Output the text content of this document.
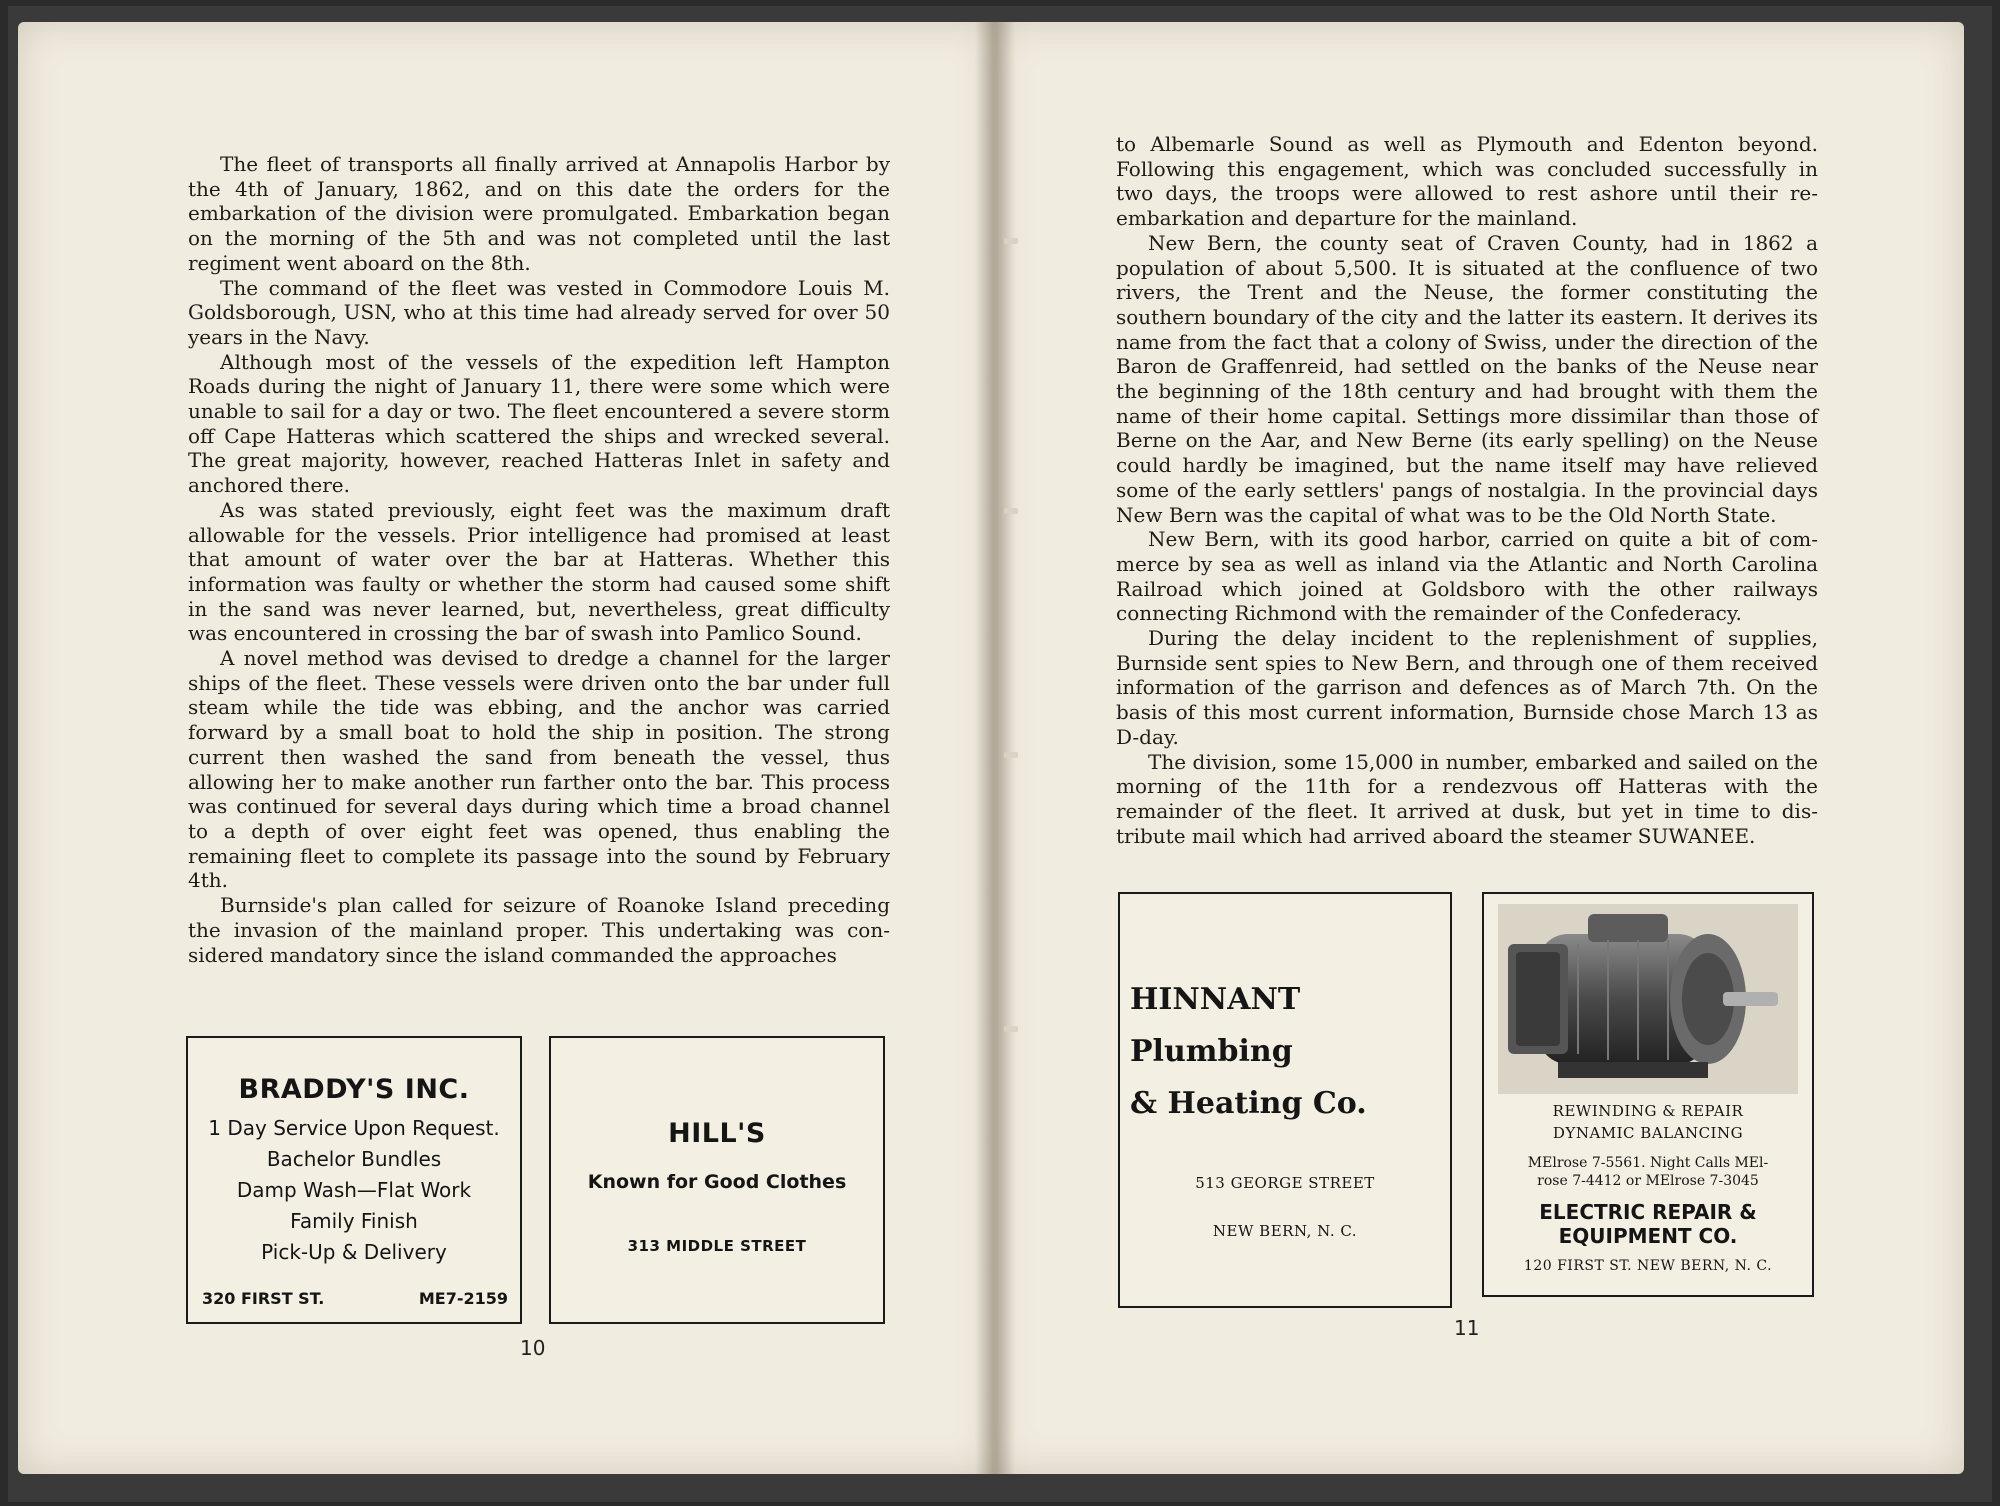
The fleet of transports all finally arrived at Annapolis Harbor by the 4th of January, 1862, and on this date the orders for the embarkation of the division were promulgated. Embarkation began on the morning of the 5th and was not completed until the last regiment went aboard on the 8th.

The command of the fleet was vested in Commodore Louis M. Goldsborough, USN, who at this time had already served for over 50 years in the Navy.

Although most of the vessels of the expedition left Hampton Roads during the night of January 11, there were some which were unable to sail for a day or two. The fleet encountered a severe storm off Cape Hatteras which scattered the ships and wrecked several. The great majority, however, reached Hatteras Inlet in safety and anchored there.

As was stated previously, eight feet was the maximum draft allowable for the vessels. Prior intelligence had promised at least that amount of water over the bar at Hatteras. Whether this information was faulty or whether the storm had caused some shift in the sand was never learned, but, nevertheless, great difficulty was encountered in crossing the bar of swash into Pamlico Sound.

A novel method was devised to dredge a channel for the larger ships of the fleet. These vessels were driven onto the bar under full steam while the tide was ebbing, and the anchor was carried forward by a small boat to hold the ship in position. The strong current then washed the sand from beneath the vessel, thus allowing her to make another run farther onto the bar. This process was continued for several days during which time a broad channel to a depth of over eight feet was opened, thus enabling the remaining fleet to complete its passage into the sound by February 4th.

Burnside's plan called for seizure of Roanoke Island preceding the invasion of the mainland proper. This undertaking was considered mandatory since the island commanded the approaches

BRADDY'S INC.
1 Day Service Upon Request.
Bachelor Bundles
Damp Wash—Flat Work
Family Finish
Pick-Up & Delivery
320 FIRST ST.	ME7-2159
HILL'S
Known for Good Clothes
313 MIDDLE STREET
10

to Albemarle Sound as well as Plymouth and Edenton beyond. Following this engagement, which was concluded successfully in two days, the troops were allowed to rest ashore until their reembarkation and departure for the mainland.

New Bern, the county seat of Craven County, had in 1862 a population of about 5,500. It is situated at the confluence of two rivers, the Trent and the Neuse, the former constituting the southern boundary of the city and the latter its eastern. It derives its name from the fact that a colony of Swiss, under the direction of the Baron de Graffenreid, had settled on the banks of the Neuse near the beginning of the 18th century and had brought with them the name of their home capital. Settings more dissimilar than those of Berne on the Aar, and New Berne (its early spelling) on the Neuse could hardly be imagined, but the name itself may have relieved some of the early settlers' pangs of nostalgia. In the provincial days New Bern was the capital of what was to be the Old North State.

New Bern, with its good harbor, carried on quite a bit of commerce by sea as well as inland via the Atlantic and North Carolina Railroad which joined at Goldsboro with the other railways connecting Richmond with the remainder of the Confederacy.

During the delay incident to the replenishment of supplies, Burnside sent spies to New Bern, and through one of them received information of the garrison and defences as of March 7th. On the basis of this most current information, Burnside chose March 13 as D-day.

The division, some 15,000 in number, embarked and sailed on the morning of the 11th for a rendezvous off Hatteras with the remainder of the fleet. It arrived at dusk, but yet in time to distribute mail which had arrived aboard the steamer SUWANEE.

HINNANT Plumbing
& Heating Co.
513 GEORGE STREET
NEW BERN, N. C.
REWINDING & REPAIR
DYNAMIC BALANCING
MElrose 7-5561. Night Calls MEl-
rose 7-4412 or MElrose 7-3045
ELECTRIC REPAIR &
EQUIPMENT CO.
120 FIRST ST. NEW BERN, N. C.
11
